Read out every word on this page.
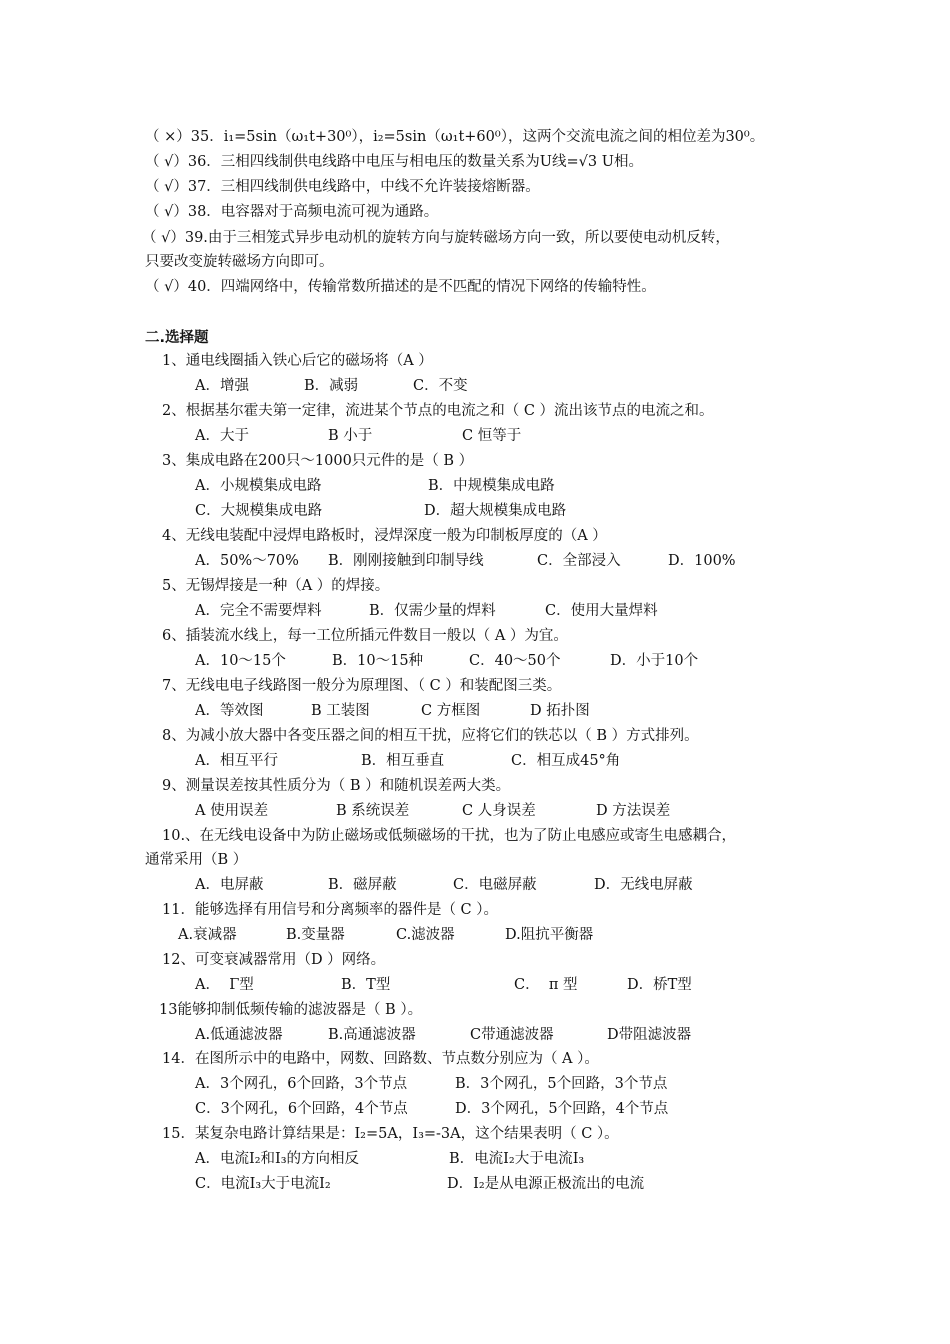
（ ×）35．i₁=5sin（ω₁t+30⁰），i₂=5sin（ω₁t+60⁰），这两个交流电流之间的相位差为30⁰。
（ √）36．三相四线制供电线路中电压与相电压的数量关系为U线=√3 U相。
（ √）37．三相四线制供电线路中，中线不允许装接熔断器。
（ √）38．电容器对于高频电流可视为通路。
（ √）39.由于三相笼式异步电动机的旋转方向与旋转磁场方向一致，所以要使电动机反转，
只要改变旋转磁场方向即可。
（ √）40．四端网络中，传输常数所描述的是不匹配的情况下网络的传输特性。
二.选择题
1、通电线圈插入铁心后它的磁场将（A ）
A．增强	B．减弱	C．不变
2、根据基尔霍夫第一定律，流进某个节点的电流之和（ C ）流出该节点的电流之和。
A．大于	B 小于	C 恒等于
3、集成电路在200只～1000只元件的是（ B ）
A．小规模集成电路	B．中规模集成电路
C．大规模集成电路	D．超大规模集成电路
4、无线电装配中浸焊电路板时，浸焊深度一般为印制板厚度的（A ）
A．50%～70% B．刚刚接触到印制导线	C．全部浸入	D．100%
5、无锡焊接是一种（A ）的焊接。
A．完全不需要焊料	B．仅需少量的焊料	C．使用大量焊料
6、插装流水线上，每一工位所插元件数目一般以（ A ）为宜。
A．10～15个	B．10～15种	C．40～50个	D．小于10个
7、无线电电子线路图一般分为原理图、（ C ）和装配图三类。
A．等效图	B 工装图	C 方框图	D 拓扑图
8、为减小放大器中各变压器之间的相互干扰，应将它们的铁芯以（ B ）方式排列。
A．相互平行	B．相互垂直	C．相互成45°角
9、测量误差按其性质分为（ B ）和随机误差两大类。
A 使用误差	B 系统误差	C 人身误差	D 方法误差
10.、在无线电设备中为防止磁场或低频磁场的干扰，也为了防止电感应或寄生电感耦合，
通常采用（B ）
A．电屏蔽	B．磁屏蔽	C．电磁屏蔽	D．无线电屏蔽
11．能够选择有用信号和分离频率的器件是（ C ）。
A.衰减器	B.变量器	C.滤波器	D.阻抗平衡器
12、可变衰减器常用（D ）网络。
A．  Γ型	B．T型	C．  π 型	D．桥T型
13能够抑制低频传输的滤波器是（ B ）。
A.低通滤波器	B.高通滤波器	C带通滤波器	D带阻滤波器
14．在图所示中的电路中，网数、回路数、节点数分别应为（ A ）。
A．3个网孔，6个回路，3个节点	B．3个网孔，5个回路，3个节点
C．3个网孔，6个回路，4个节点	D．3个网孔，5个回路，4个节点
15．某复杂电路计算结果是：I₂=5A，I₃=-3A，这个结果表明（ C ）。
A．电流I₂和I₃的方向相反	B．电流I₂大于电流I₃
C．电流I₃大于电流I₂	D．I₂是从电源正极流出的电流
